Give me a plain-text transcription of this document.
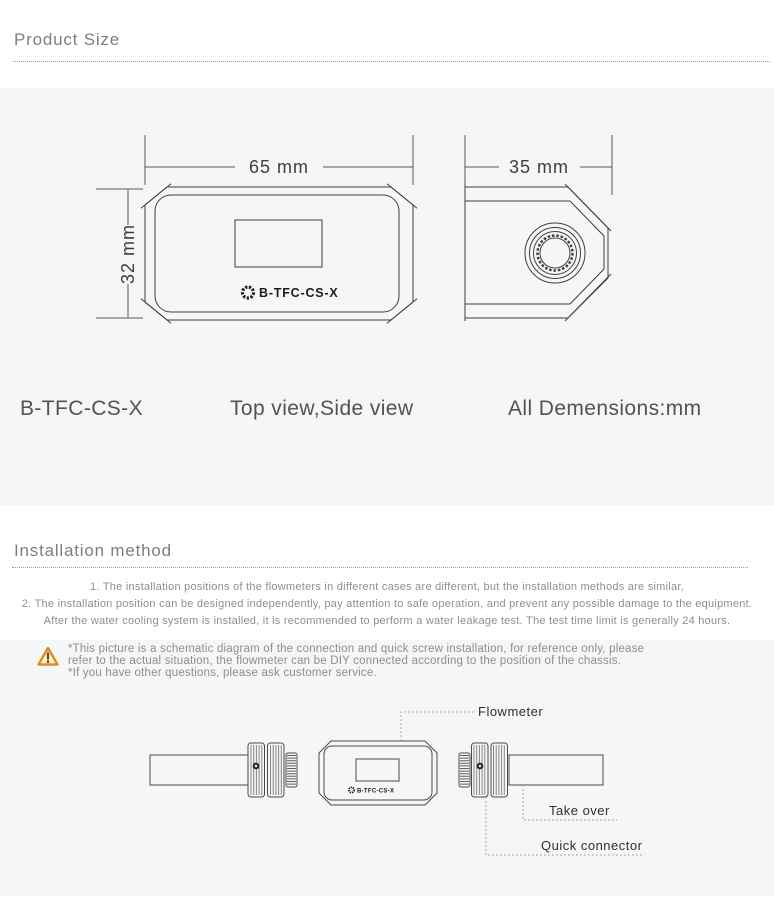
Product Size
65 mm
32 mm
B-TFC-CS-X
35 mm
B-TFC-CS-X	Top view,Side view	All Demensions:mm
Installation method
1. The installation positions of the flowmeters in different cases are different, but the installation methods are similar,
2. The installation position can be designed independently, pay attention to safe operation, and prevent any possible damage to the equipment.
After the water cooling system is installed, it is recommended to perform a water leakage test. The test time limit is generally 24 hours.
*This picture is a schematic diagram of the connection and quick screw installation, for reference only, please
refer to the actual situation, the flowmeter can be DIY connected according to the position of the chassis.
*If you have other questions, please ask customer service.
B-TFC-CS-X
Flowmeter
Take over
Quick connector
